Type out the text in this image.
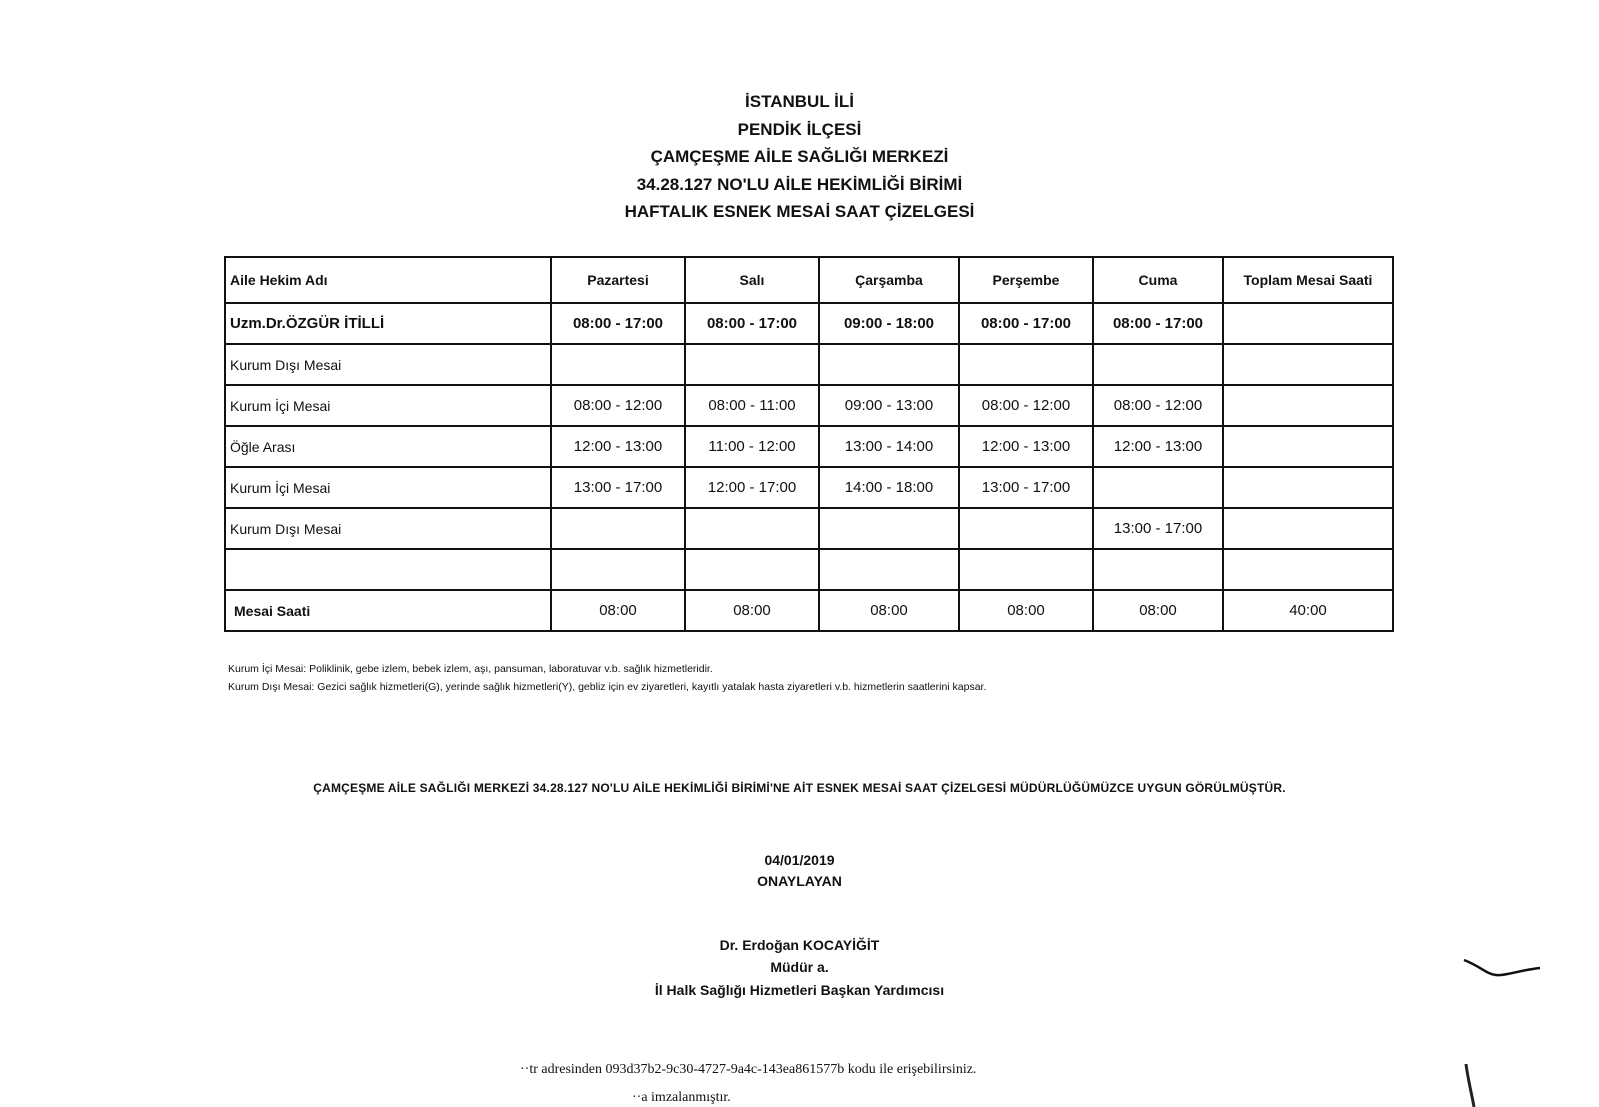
İSTANBUL İLİ
PENDİK İLÇESİ
ÇAMÇEŞME AİLE SAĞLIĞI MERKEZİ
34.28.127 NO'LU AİLE HEKİMLİĞİ BİRİMİ
HAFTALIK ESNEK MESAİ SAAT ÇİZELGESİ
Aile Hekim Adı	Pazartesi	Salı	Çarşamba	Perşembe	Cuma	Toplam Mesai Saati
Uzm.Dr.ÖZGÜR İTİLLİ	08:00 - 17:00	08:00 - 17:00	09:00 - 18:00	08:00 - 17:00	08:00 - 17:00	
Kurum Dışı Mesai						
Kurum İçi Mesai	08:00 - 12:00	08:00 - 11:00	09:00 - 13:00	08:00 - 12:00	08:00 - 12:00	
Öğle Arası	12:00 - 13:00	11:00 - 12:00	13:00 - 14:00	12:00 - 13:00	12:00 - 13:00	
Kurum İçi Mesai	13:00 - 17:00	12:00 - 17:00	14:00 - 18:00	13:00 - 17:00		
Kurum Dışı Mesai					13:00 - 17:00	

Mesai Saati	08:00	08:00	08:00	08:00	08:00	40:00
Kurum İçi Mesai: Poliklinik, gebe izlem, bebek izlem, aşı, pansuman, laboratuvar v.b. sağlık hizmetleridir.
Kurum Dışı Mesai: Gezici sağlık hizmetleri(G), yerinde sağlık hizmetleri(Y), gebliz için ev ziyaretleri, kayıtlı yatalak hasta ziyaretleri v.b. hizmetlerin saatlerini kapsar.
ÇAMÇEŞME AİLE SAĞLIĞI MERKEZİ 34.28.127 NO'LU AİLE HEKİMLİĞİ BİRİMİ'NE AİT ESNEK MESAİ SAAT ÇİZELGESİ MÜDÜRLÜĞÜMÜZCE UYGUN GÖRÜLMÜŞTÜR.
04/01/2019
ONAYLAYAN
Dr. Erdoğan KOCAYİĞİT
Müdür a.
İl Halk Sağlığı Hizmetleri Başkan Yardımcısı
··tr adresinden 093d37b2-9c30-4727-9a4c-143ea861577b kodu ile erişebilirsiniz.
··a imzalanmıştır.
